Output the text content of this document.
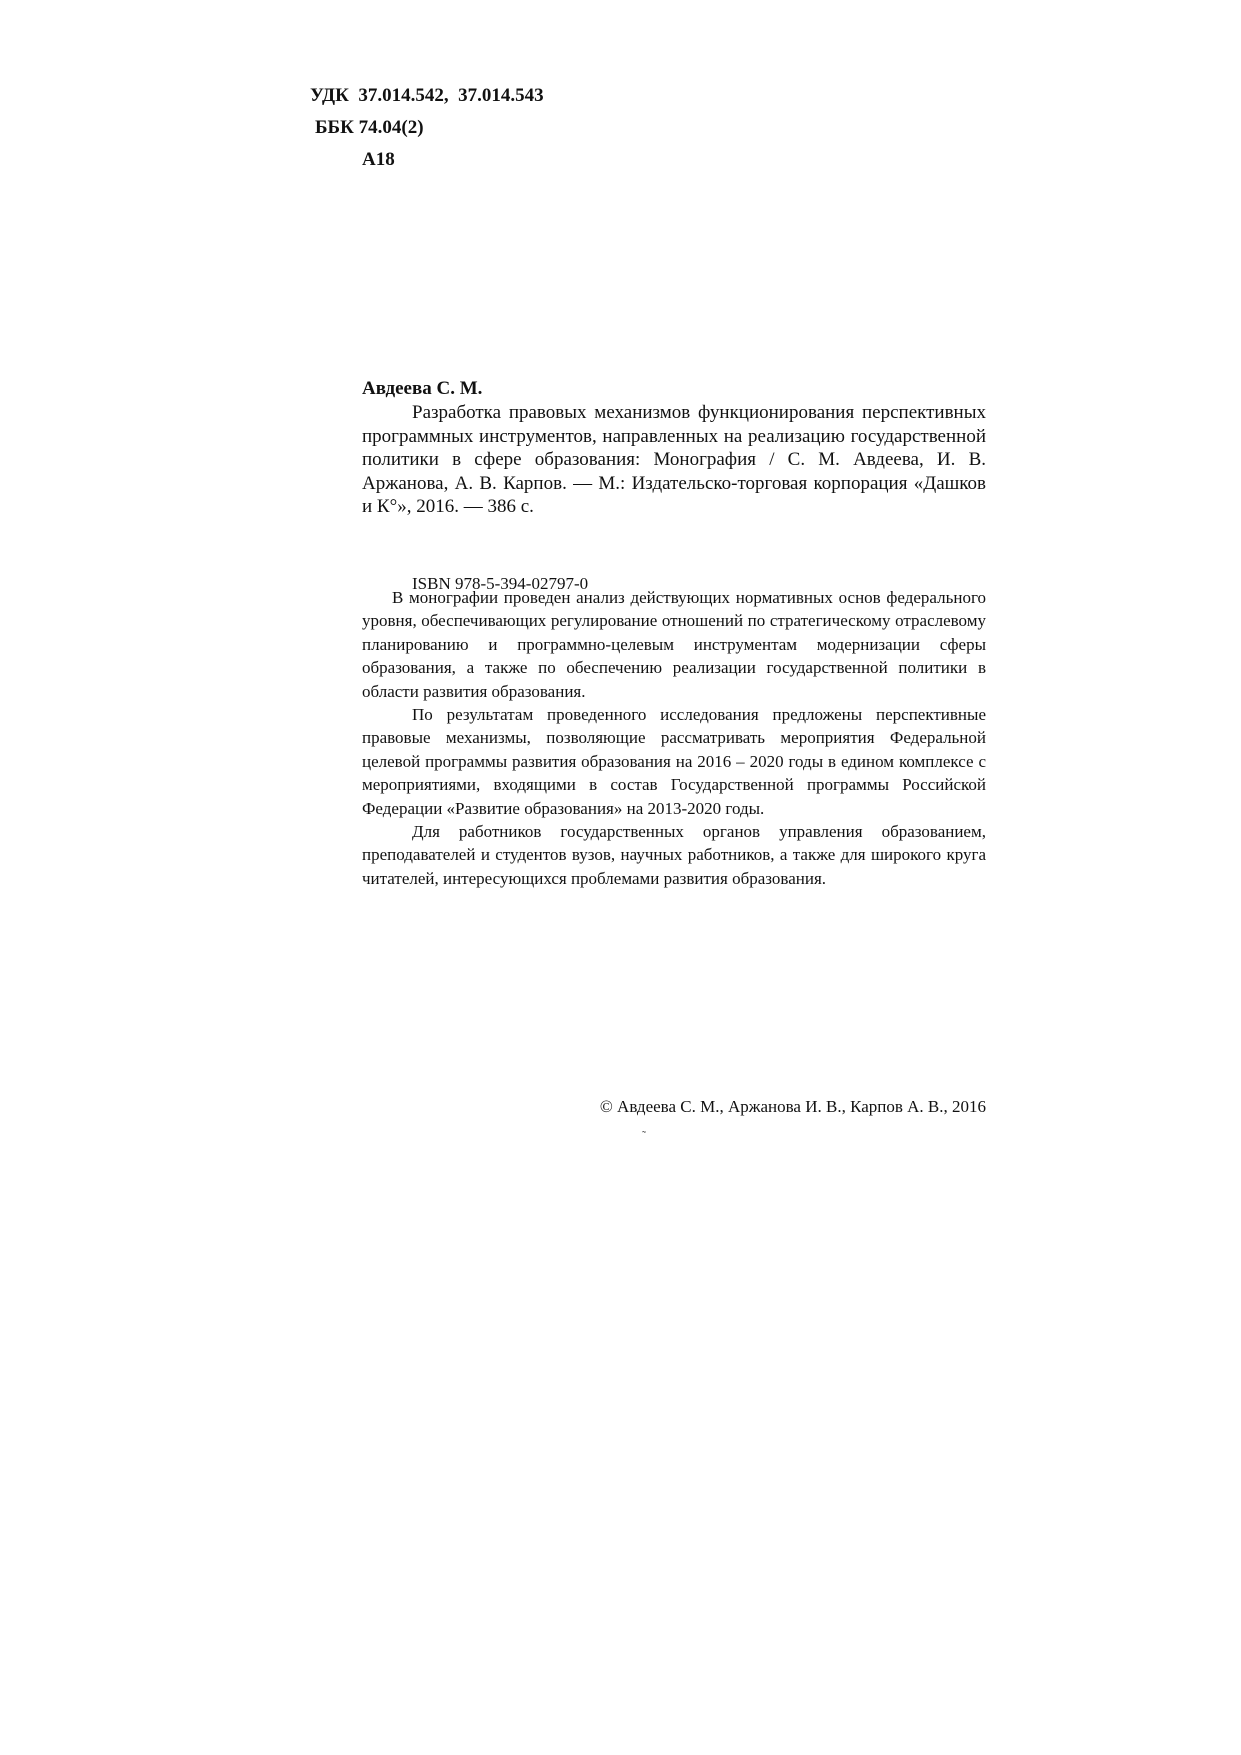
УДК  37.014.542,  37.014.543
ББК 74.04(2)
А18
Авдеева С. М.

Разработка правовых механизмов функционирования перспективных программных инструментов, направленных на реализацию государственной политики в сфере образования: Монография / С. М. Авдеева, И. В. Аржанова, А. В. Карпов. — М.: Издательско-торговая корпорация «Дашков и К°», 2016. — 386 с.

ISBN 978-5-394-02797-0

В монографии проведен анализ действующих нормативных основ федерального уровня, обеспечивающих регулирование отношений по стратегическому отраслевому планированию и программно-целевым инструментам модернизации сферы образования, а также по обеспечению реализации государственной политики в области развития образования.

По результатам проведенного исследования предложены перспективные правовые механизмы, позволяющие рассматривать мероприятия Федеральной целевой программы развития образования на 2016 – 2020 годы в едином комплексе с мероприятиями, входящими в состав Государственной программы Российской Федерации «Развитие образования» на 2013-2020 годы.

Для работников государственных органов управления образованием, преподавателей и студентов вузов, научных работников, а также для широкого круга читателей, интересующихся проблемами развития образования.

© Авдеева С. М., Аржанова И. В., Карпов А. В., 2016
˜
